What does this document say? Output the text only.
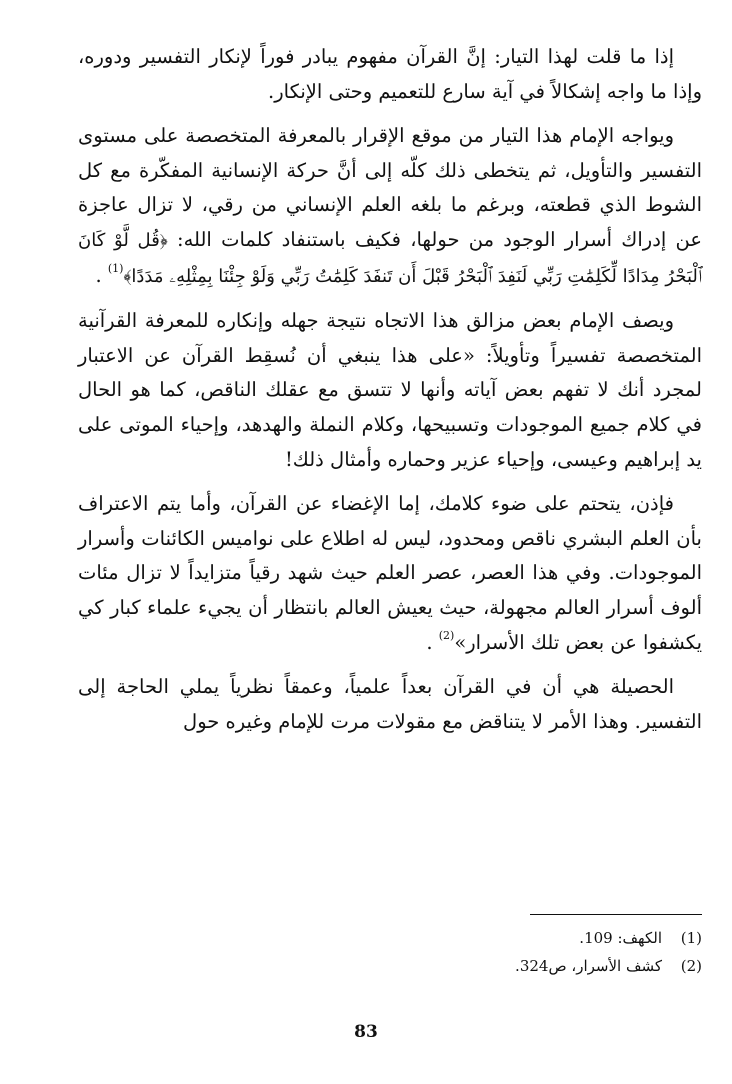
إذا ما قلت لهذا التيار: إنَّ القرآن مفهوم يبادر فوراً لإنكار التفسير ودوره، وإذا ما واجه إشكالاً في آية سارع للتعميم وحتى الإنكار.

ويواجه الإمام هذا التيار من موقع الإقرار بالمعرفة المتخصصة على مستوى التفسير والتأويل، ثم يتخطى ذلك كلّه إلى أنَّ حركة الإنسانية المفكّرة مع كل الشوط الذي قطعته، وبرغم ما بلغه العلم الإنساني من رقي، لا تزال عاجزة عن إدراك أسرار الوجود من حولها، فكيف باستنفاد كلمات الله: ﴿قُل لَّوْ كَانَ ٱلْبَحْرُ مِدَادًا لِّكَلِمَٰتِ رَبِّي لَنَفِدَ ٱلْبَحْرُ قَبْلَ أَن تَنفَدَ كَلِمَٰتُ رَبِّي وَلَوْ جِئْنَا بِمِثْلِهِۦ مَدَدًا﴾$^{(1)}$ .

ويصف الإمام بعض مزالق هذا الاتجاه نتيجة جهله وإنكاره للمعرفة القرآنية المتخصصة تفسيراً وتأويلاً: «على هذا ينبغي أن نُسقِط القرآن عن الاعتبار لمجرد أنك لا تفهم بعض آياته وأنها لا تتسق مع عقلك الناقص، كما هو الحال في كلام جميع الموجودات وتسبيحها، وكلام النملة والهدهد، وإحياء الموتى على يد إبراهيم وعيسى، وإحياء عزير وحماره وأمثال ذلك!

فإذن، يتحتم على ضوء كلامك، إما الإغضاء عن القرآن، وأما يتم الاعتراف بأن العلم البشري ناقص ومحدود، ليس له اطلاع على نواميس الكائنات وأسرار الموجودات. وفي هذا العصر، عصر العلم حيث شهد رقياً متزايداً لا تزال مئات ألوف أسرار العالم مجهولة، حيث يعيش العالم بانتظار أن يجيء علماء كبار كي يكشفوا عن بعض تلك الأسرار»$^{(2)}$ .

الحصيلة هي أن في القرآن بعداً علمياً، وعمقاً نظرياً يملي الحاجة إلى التفسير. وهذا الأمر لا يتناقض مع مقولات مرت للإمام وغيره حول

(1)الكهف: 109.
(2)كشف الأسرار، ص324.
83
